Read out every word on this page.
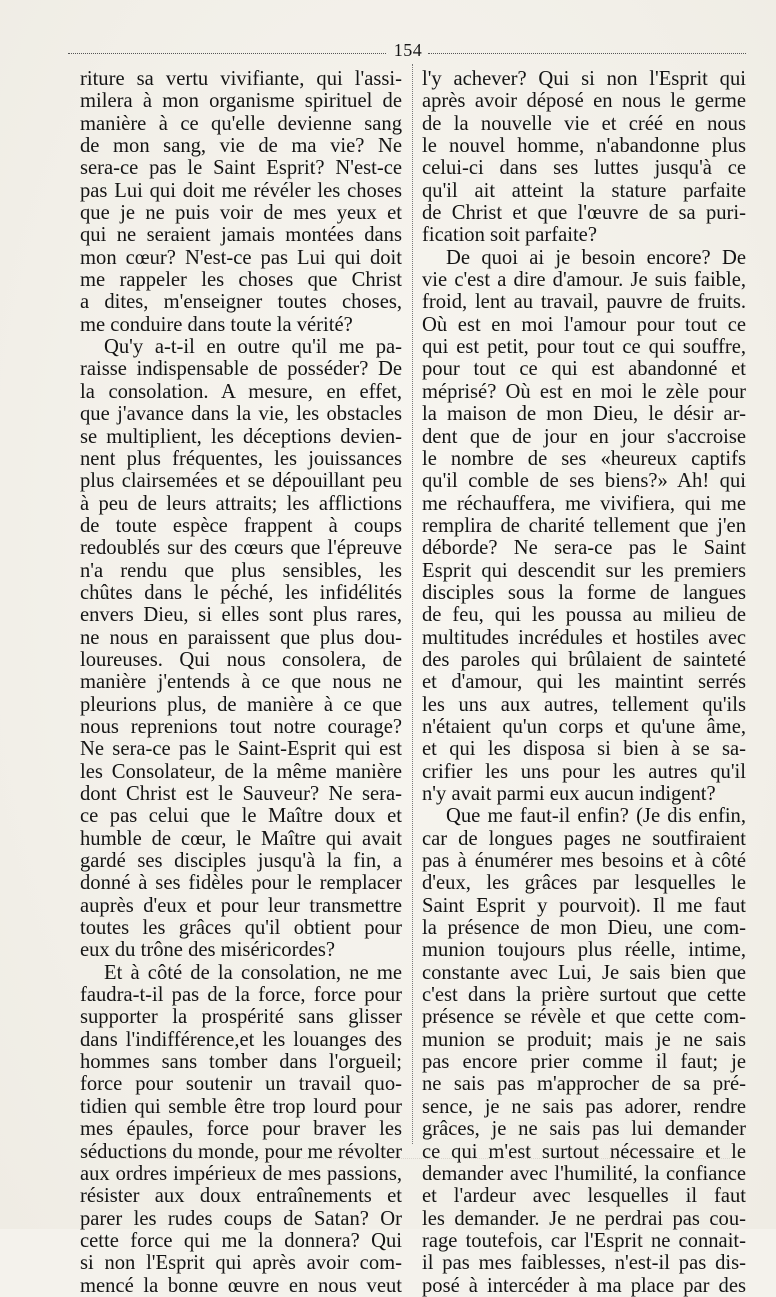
154
riture sa vertu vivifiante, qui l'assi-
milera à mon organisme spirituel de
manière à ce qu'elle devienne sang
de mon sang, vie de ma vie? Ne
sera-ce pas le Saint Esprit? N'est-ce
pas Lui qui doit me révéler les choses
que je ne puis voir de mes yeux et
qui ne seraient jamais montées dans
mon cœur? N'est-ce pas Lui qui doit
me rappeler les choses que Christ
a dites, m'enseigner toutes choses,
me conduire dans toute la vérité?
Qu'y a-t-il en outre qu'il me pa-
raisse indispensable de posséder? De
la consolation. A mesure, en effet,
que j'avance dans la vie, les obstacles
se multiplient, les déceptions devien-
nent plus fréquentes, les jouissances
plus clairsemées et se dépouillant peu
à peu de leurs attraits; les afflictions
de toute espèce frappent à coups
redoublés sur des cœurs que l'épreuve
n'a rendu que plus sensibles, les
chûtes dans le péché, les infidélités
envers Dieu, si elles sont plus rares,
ne nous en paraissent que plus dou-
loureuses. Qui nous consolera, de
manière j'entends à ce que nous ne
pleurions plus, de manière à ce que
nous reprenions tout notre courage?
Ne sera-ce pas le Saint-Esprit qui est
les Consolateur, de la même manière
dont Christ est le Sauveur? Ne sera-
ce pas celui que le Maître doux et
humble de cœur, le Maître qui avait
gardé ses disciples jusqu'à la fin, a
donné à ses fidèles pour le remplacer
auprès d'eux et pour leur transmettre
toutes les grâces qu'il obtient pour
eux du trône des miséricordes?
Et à côté de la consolation, ne me
faudra-t-il pas de la force, force pour
supporter la prospérité sans glisser
dans l'indifférence,et les louanges des
hommes sans tomber dans l'orgueil;
force pour soutenir un travail quo-
tidien qui semble être trop lourd pour
mes épaules, force pour braver les
séductions du monde, pour me révolter
aux ordres impérieux de mes passions,
résister aux doux entraînements et
parer les rudes coups de Satan? Or
cette force qui me la donnera? Qui
si non l'Esprit qui après avoir com-
mencé la bonne œuvre en nous veut
l'y achever? Qui si non l'Esprit qui
après avoir déposé en nous le germe
de la nouvelle vie et créé en nous
le nouvel homme, n'abandonne plus
celui-ci dans ses luttes jusqu'à ce
qu'il ait atteint la stature parfaite
de Christ et que l'œuvre de sa puri-
fication soit parfaite?
De quoi ai je besoin encore? De
vie c'est a dire d'amour. Je suis faible,
froid, lent au travail, pauvre de fruits.
Où est en moi l'amour pour tout ce
qui est petit, pour tout ce qui souffre,
pour tout ce qui est abandonné et
méprisé? Où est en moi le zèle pour
la maison de mon Dieu, le désir ar-
dent que de jour en jour s'accroise
le nombre de ses «heureux captifs
qu'il comble de ses biens?» Ah! qui
me réchauffera, me vivifiera, qui me
remplira de charité tellement que j'en
déborde? Ne sera-ce pas le Saint
Esprit qui descendit sur les premiers
disciples sous la forme de langues
de feu, qui les poussa au milieu de
multitudes incrédules et hostiles avec
des paroles qui brûlaient de sainteté
et d'amour, qui les maintint serrés
les uns aux autres, tellement qu'ils
n'étaient qu'un corps et qu'une âme,
et qui les disposa si bien à se sa-
crifier les uns pour les autres qu'il
n'y avait parmi eux aucun indigent?
Que me faut-il enfin? (Je dis enfin,
car de longues pages ne soutfiraient
pas à énumérer mes besoins et à côté
d'eux, les grâces par lesquelles le
Saint Esprit y pourvoit). Il me faut
la présence de mon Dieu, une com-
munion toujours plus réelle, intime,
constante avec Lui, Je sais bien que
c'est dans la prière surtout que cette
présence se révèle et que cette com-
munion se produit; mais je ne sais
pas encore prier comme il faut; je
ne sais pas m'approcher de sa pré-
sence, je ne sais pas adorer, rendre
grâces, je ne sais pas lui demander
ce qui m'est surtout nécessaire et le
demander avec l'humilité, la confiance
et l'ardeur avec lesquelles il faut
les demander. Je ne perdrai pas cou-
rage toutefois, car l'Esprit ne connait-
il pas mes faiblesses, n'est-il pas dis-
posé à intercéder à ma place par des
